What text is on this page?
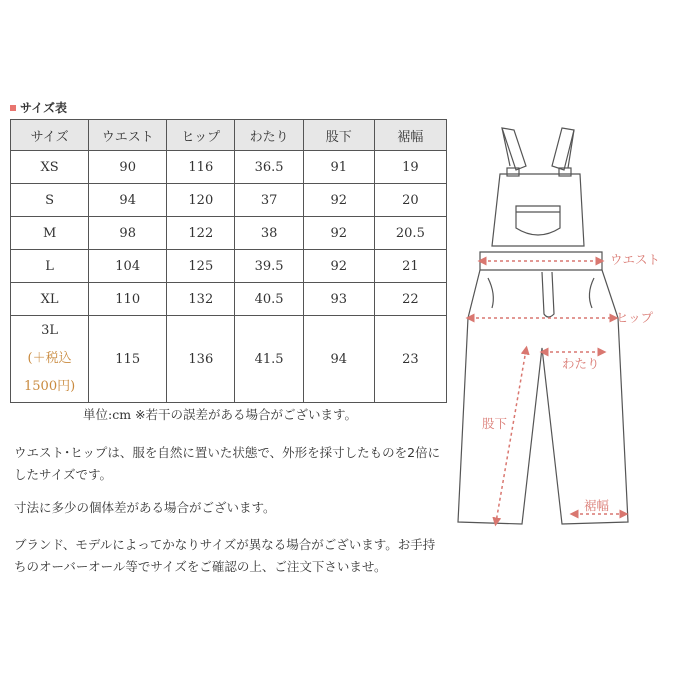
サイズ表
サイズ	ウエスト	ヒップ	わたり	股下	裾幅
XS	90	116	36.5	91	19
S	94	120	37	92	20
M	98	122	38	92	20.5
L	104	125	39.5	92	21
XL	110	132	40.5	93	22

3L
(＋税込
1500円)	115	136	41.5	94	23
単位:cm ※若干の誤差がある場合がございます。
ウエスト･ヒップは、服を自然に置いた状態で、外形を採寸したものを2倍にしたサイズです。
寸法に多少の個体差がある場合がございます。
ブランド、モデルによってかなりサイズが異なる場合がございます。お手持ちのオーバーオール等でサイズをご確認の上、ご注文下さいませ。
ウエスト
ヒップ
わたり
股下
裾幅
